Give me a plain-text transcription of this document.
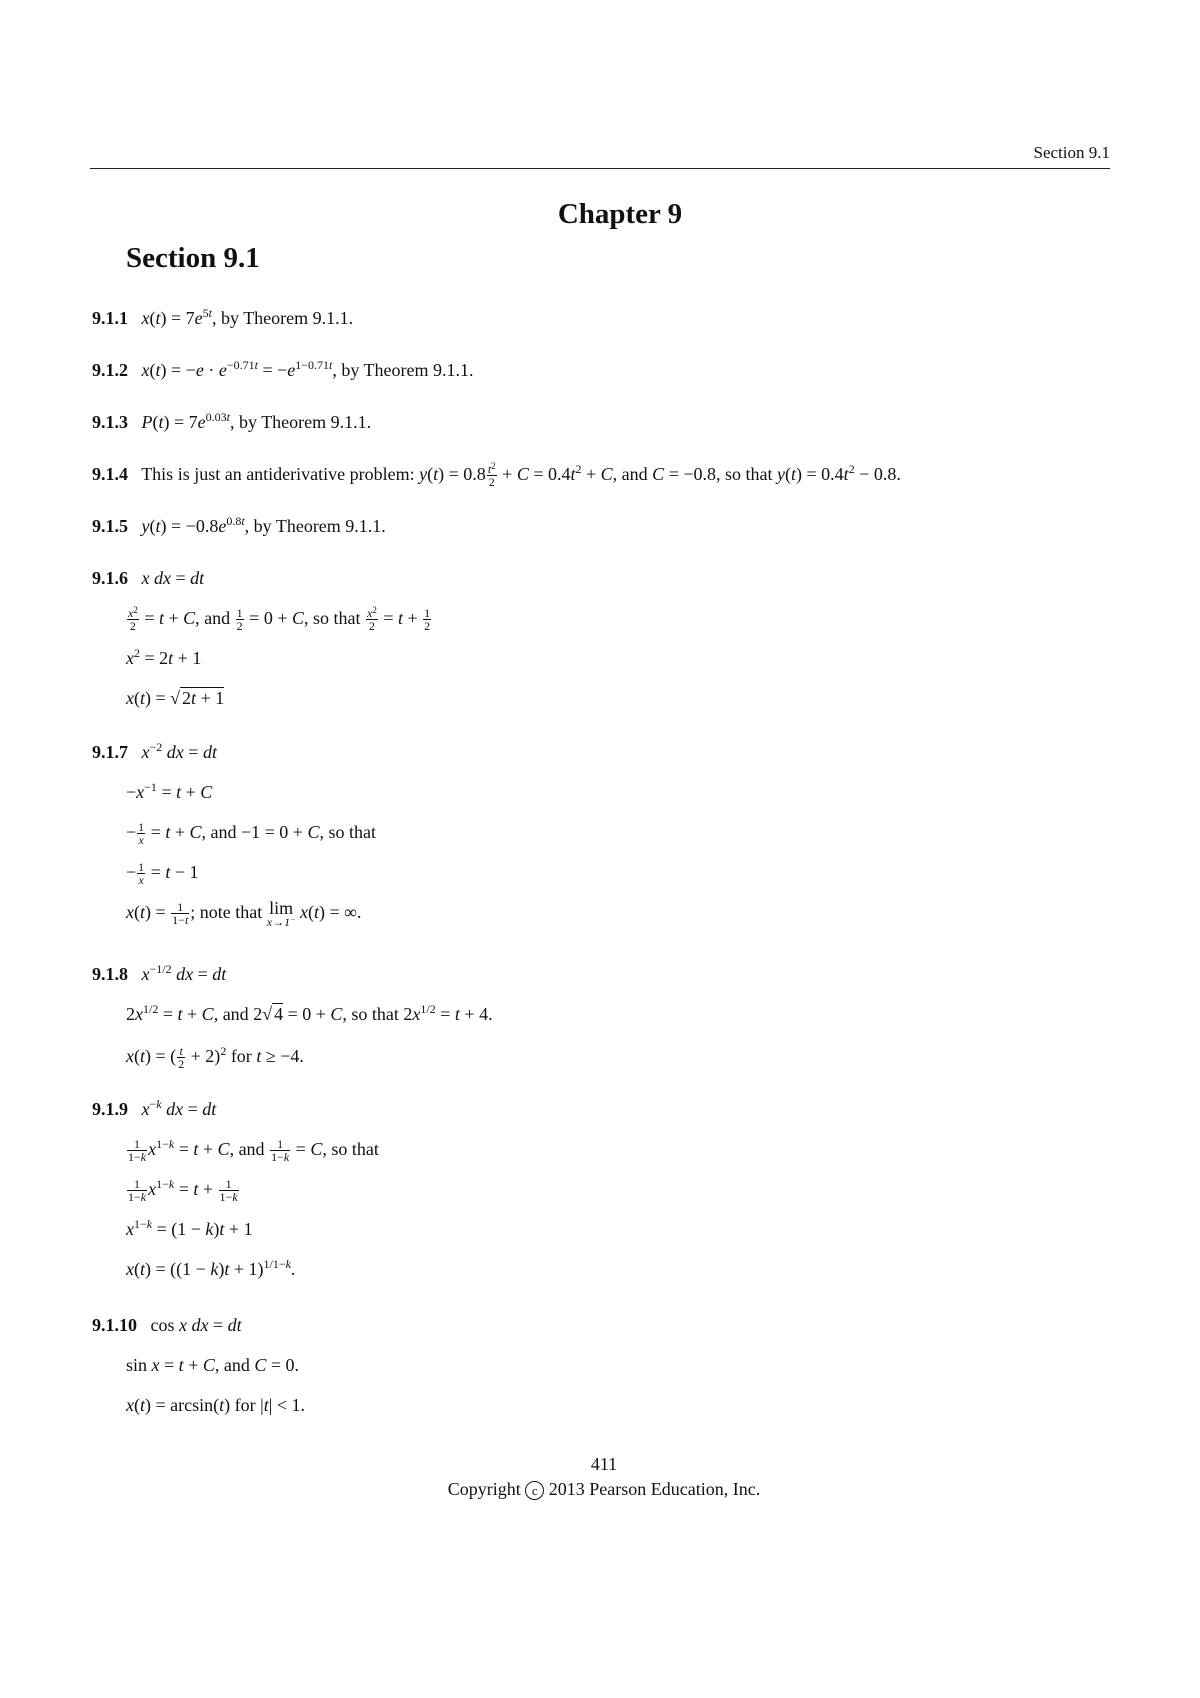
Section 9.1
Chapter 9
Section 9.1
9.1.1 $x(t) = 7e^{5t}$, by Theorem 9.1.1.
9.1.2 $x(t) = -e \cdot e^{-0.71t} = -e^{1-0.71t}$, by Theorem 9.1.1.
9.1.3 $P(t) = 7e^{0.03t}$, by Theorem 9.1.1.
9.1.4 This is just an antiderivative problem: $y(t) = 0.8 \frac{t^2}{2} + C = 0.4t^2 + C$, and C = −0.8, so that $y(t) = 0.4t^2 - 0.8$.
9.1.5 $y(t) = -0.8e^{0.8t}$, by Theorem 9.1.1.
9.1.6 x dx = dt
$\frac{x^2}{2} = t + C$, and $\frac{1}{2} = 0 + C$, so that $\frac{x^2}{2} = t + \frac{1}{2}$
$x^2 = 2t + 1$
x(t) = √ 2t + 1
9.1.7 $x^{-2}$ dx = dt
$-x^{-1} = t + C$
− $\frac{1}{x} = t + C$, and −1 = 0 + C, so that
− $\frac{1}{x} = t - 1$
$x(t) = \frac{1}{1-t}$ ; note that lim
x→1− x(t) = ∞.
9.1.8 $x^{-1/2}$ dx = dt
$2x^{1/2} = t + C$, and 2√ 4 = 0 + C, so that $2x^{1/2} = t + 4$.
x(t) = ( $\frac{t}{2} + 2)^2$ for t ≥ −4.
9.1.9 $x^{-k}$ dx = dt
$\frac{1}{1-k} x^{1-k} = t + C$, and $\frac{1}{1-k} = C$, so that
$\frac{1}{1-k} x^{1-k} = t + \frac{1}{1-k}$
$x^{1-k} = (1 - k)t + 1$
$x(t) = ((1 - k)t + 1)^{1/1-k}$.
9.1.10   cos x dx = dt
sin x = t + C, and C = 0.
x(t) = arcsin(t) for |t| < 1.
411
Copyright c 2013 Pearson Education, Inc.
